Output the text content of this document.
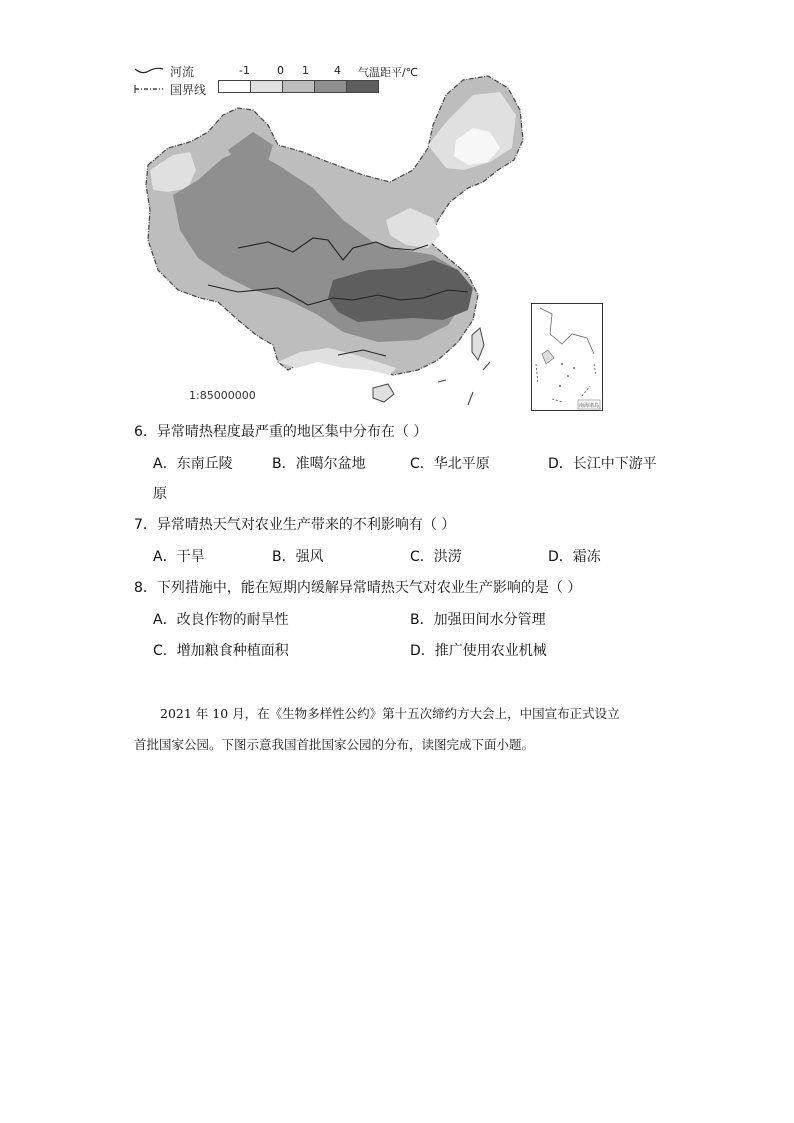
河流
国界线
-1 0 1 4 气温距平/℃
1:85000000
南海诸岛
6．异常晴热程度最严重的地区集中分布在（ ）
A．东南丘陵	B．准噶尔盆地	C．华北平原	D．长江中下游平
原
7．异常晴热天气对农业生产带来的不利影响有（ ）
A．干旱	B．强风	C．洪涝	D．霜冻
8．下列措施中，能在短期内缓解异常晴热天气对农业生产影响的是（ ）
A．改良作物的耐旱性	B．加强田间水分管理
C．增加粮食种植面积	D．推广使用农业机械
2021 年 10 月，在《生物多样性公约》第十五次缔约方大会上，中国宣布正式设立
首批国家公园。下图示意我国首批国家公园的分布，读图完成下面小题。
